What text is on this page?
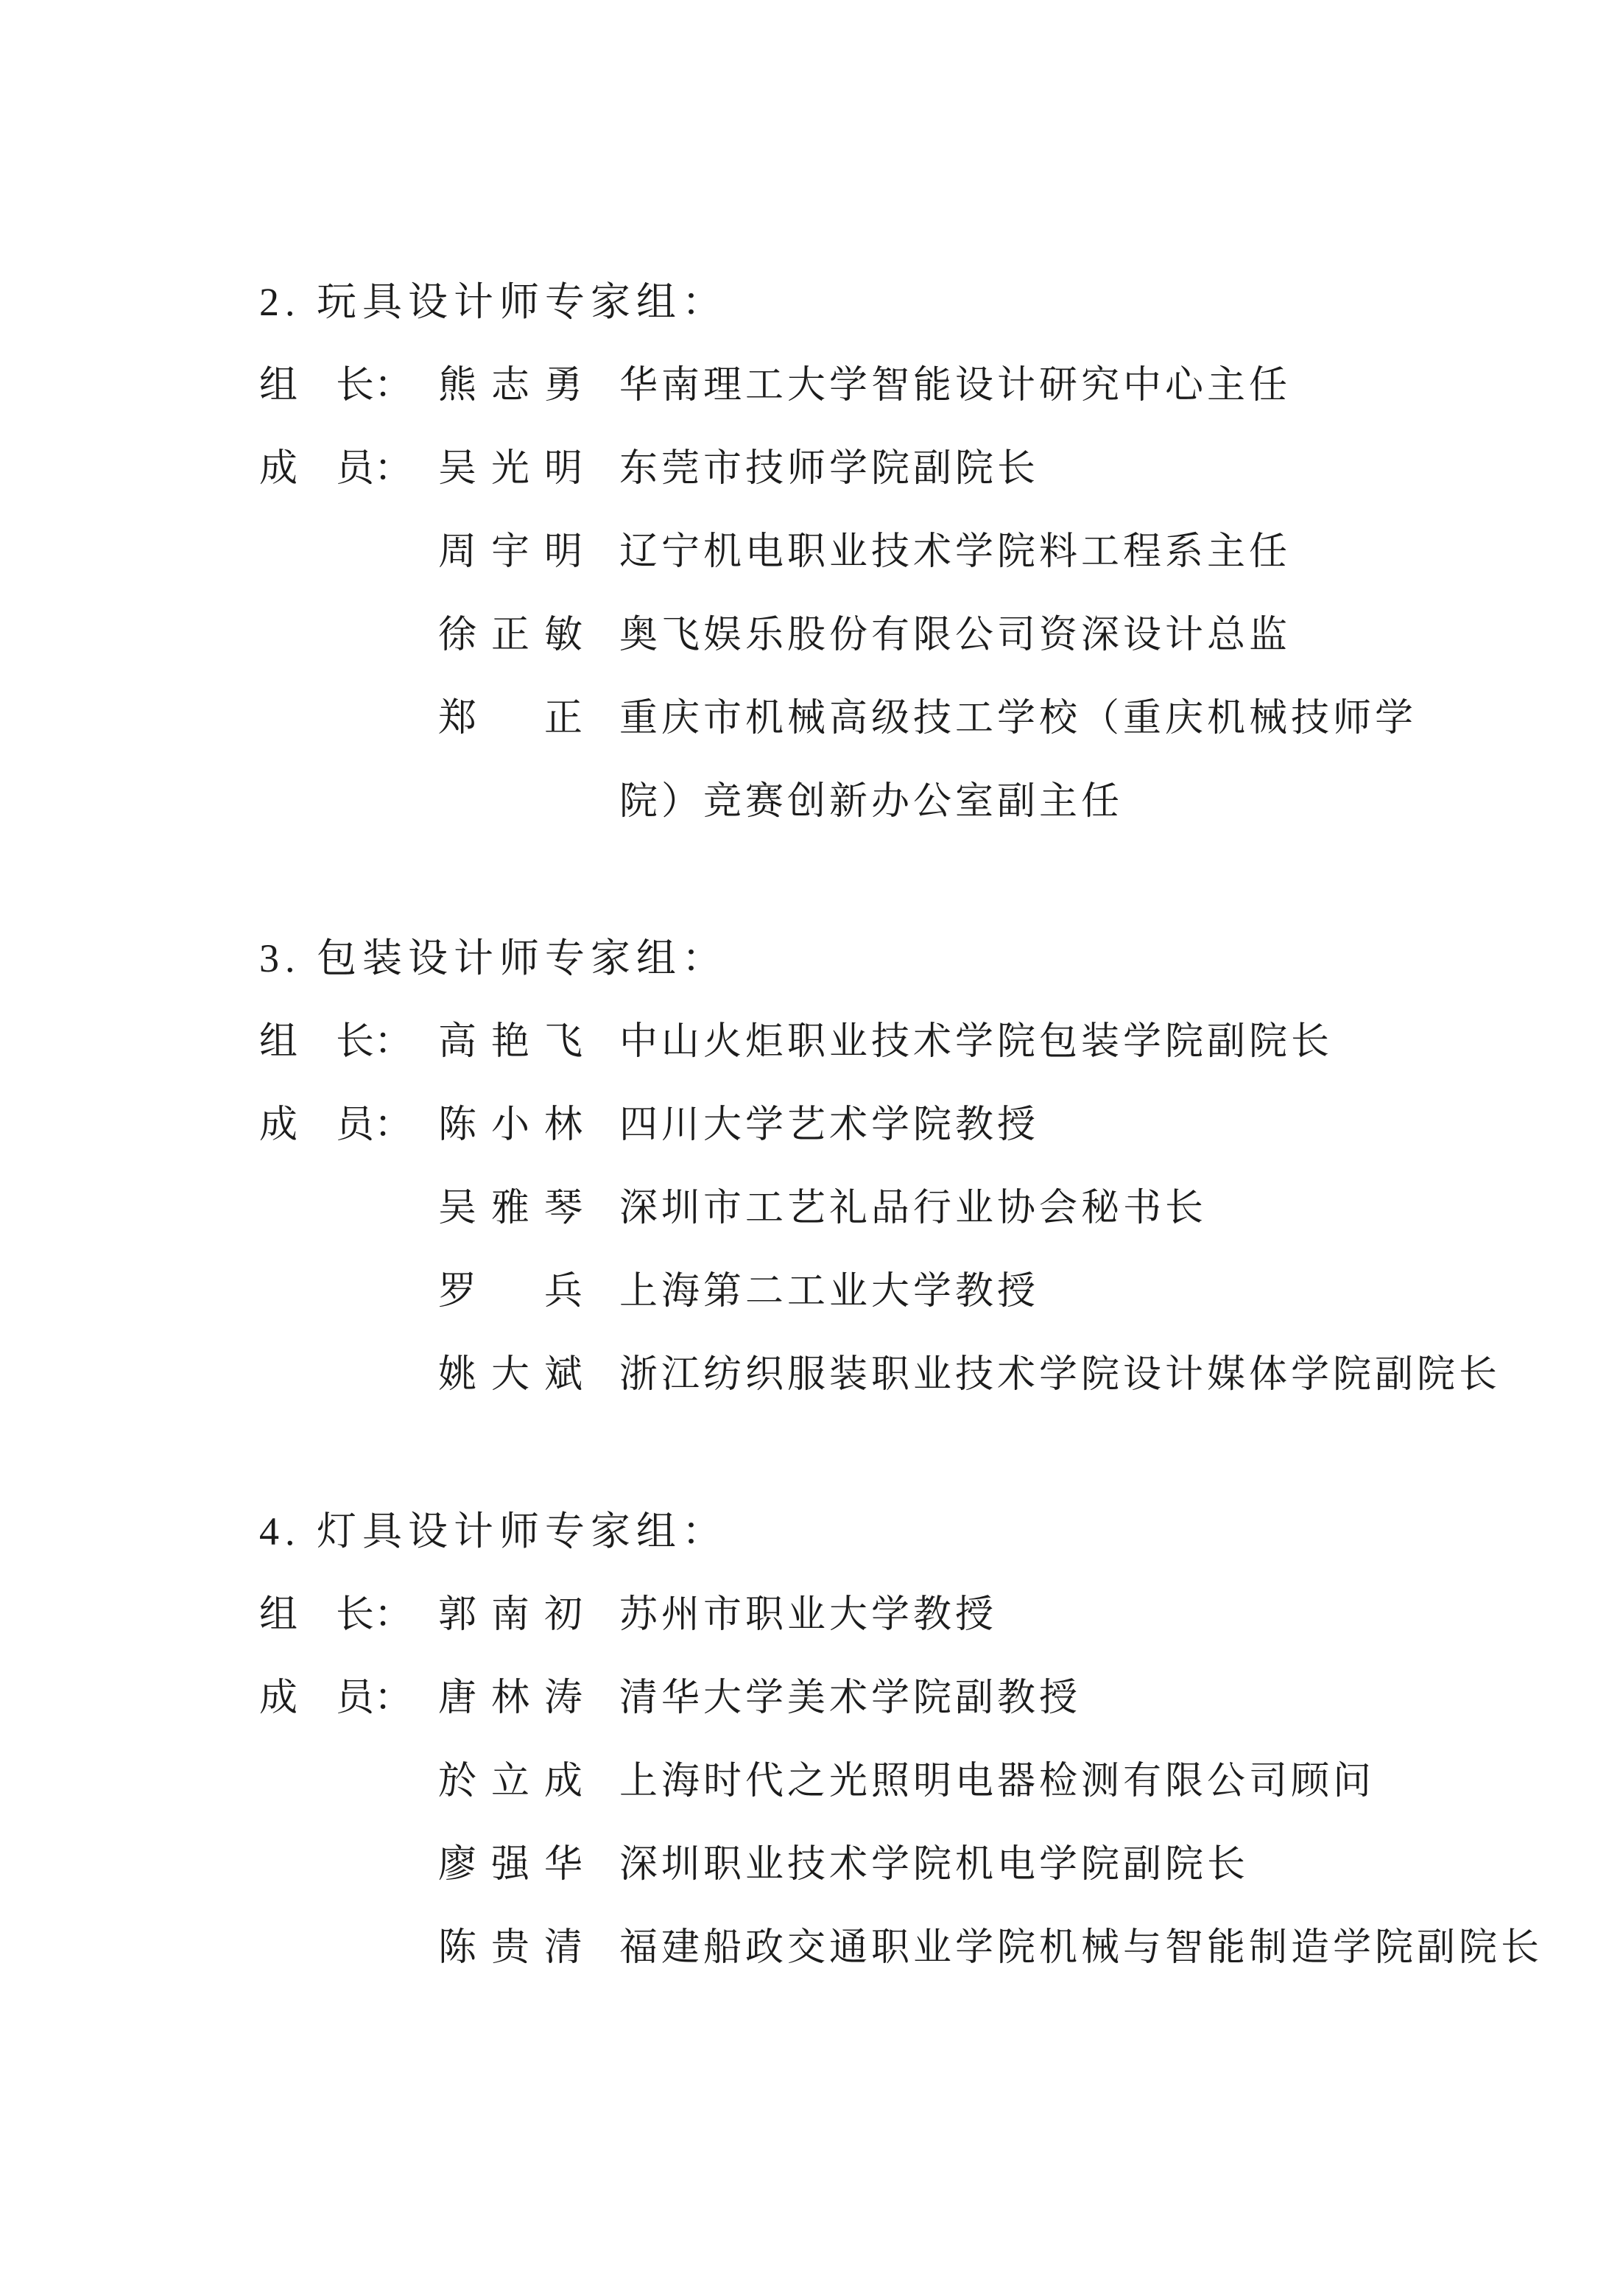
2. 玩具设计师专家组：
组　长： 熊志勇 华南理工大学智能设计研究中心主任
成　员： 吴光明 东莞市技师学院副院长
周宇明 辽宁机电职业技术学院料工程系主任
徐正敏 奥飞娱乐股份有限公司资深设计总监
郑　正 重庆市机械高级技工学校（重庆机械技师学
院）竞赛创新办公室副主任
3. 包装设计师专家组：
组　长： 高艳飞 中山火炬职业技术学院包装学院副院长
成　员： 陈小林 四川大学艺术学院教授
吴雅琴 深圳市工艺礼品行业协会秘书长
罗　兵 上海第二工业大学教授
姚大斌 浙江纺织服装职业技术学院设计媒体学院副院长
4. 灯具设计师专家组：
组　长： 郭南初 苏州市职业大学教授
成　员： 唐林涛 清华大学美术学院副教授
於立成 上海时代之光照明电器检测有限公司顾问
廖强华 深圳职业技术学院机电学院副院长
陈贵清 福建船政交通职业学院机械与智能制造学院副院长
